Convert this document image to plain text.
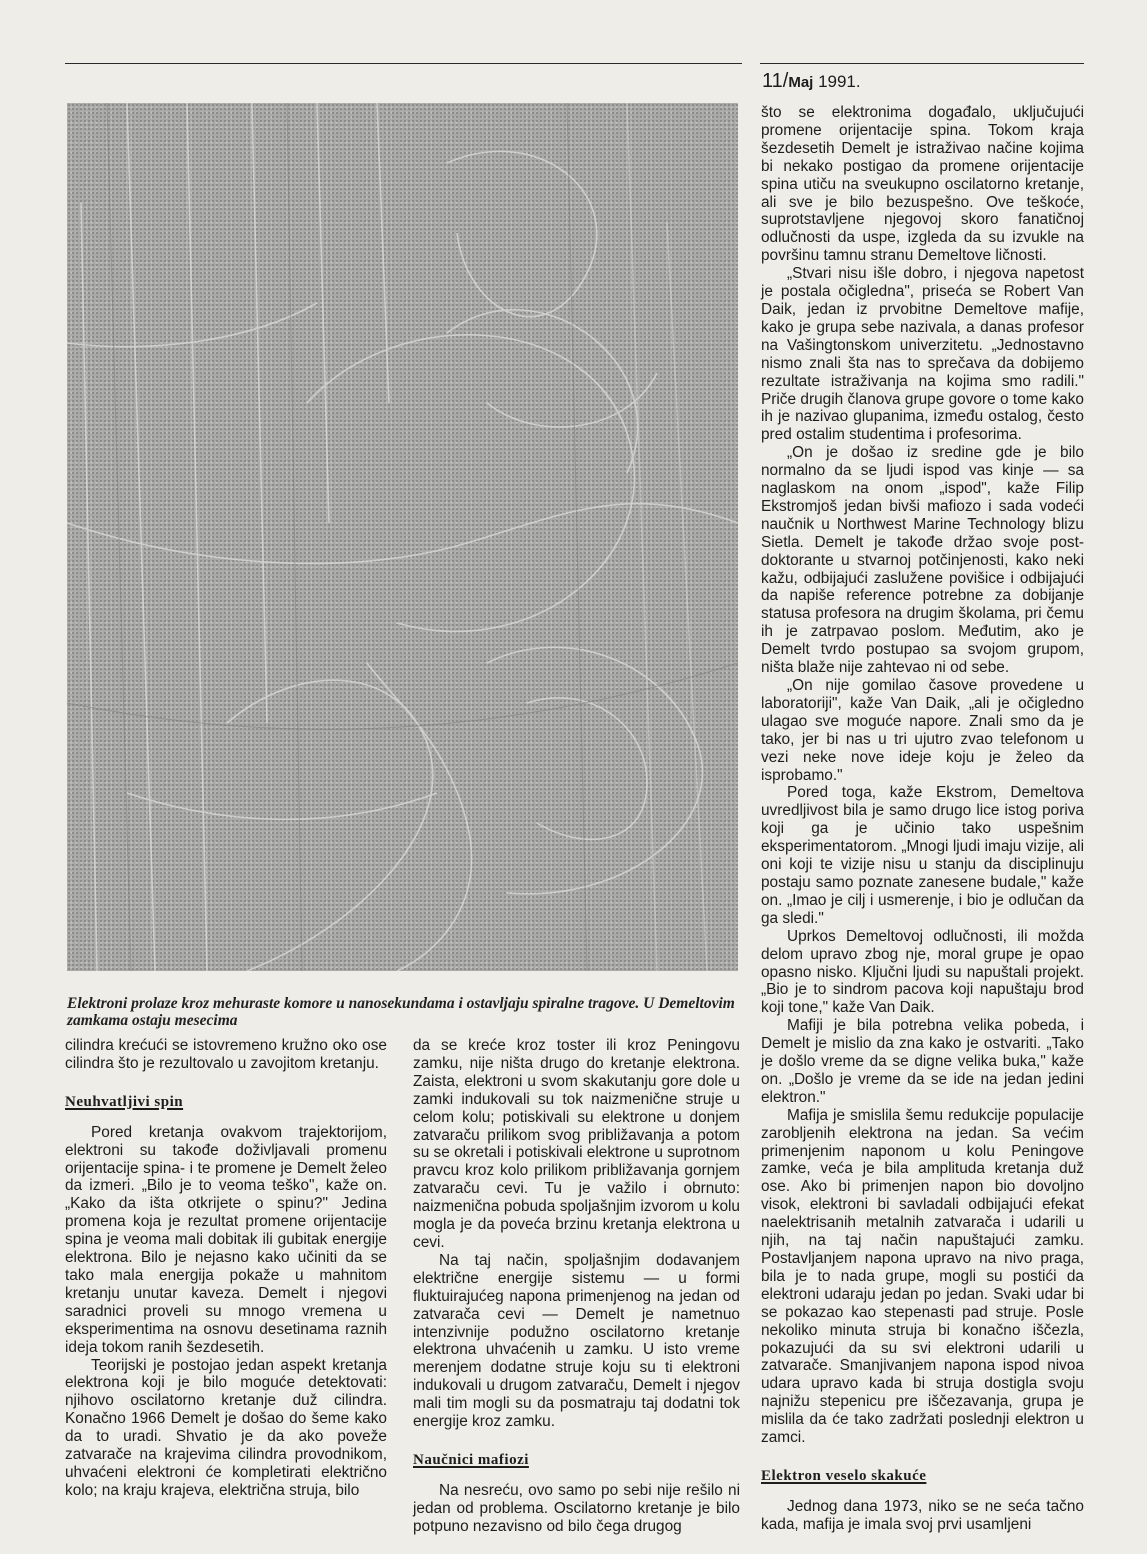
11/Maj 1991.
Elektroni prolaze kroz mehuraste komore u nanosekundama i ostavljaju spiralne tragove. U Demeltovim zamkama ostaju mesecima

cilindra krećući se istovremeno kružno oko ose cilindra što je rezultovalo u zavojitom kretanju.

Neuhvatljivi spin

Pored kretanja ovakvom trajektorijom, elektroni su takođe doživljavali promenu orijentacije spina- i te promene je Demelt želeo da izmeri. „Bilo je to veoma teško", kaže on. „Kako da išta otkrijete o spinu?" Jedina promena koja je rezultat promene orijentacije spina je veoma mali dobitak ili gubitak energije elektrona. Bilo je nejasno kako učiniti da se tako mala energija pokaže u mahnitom kretanju unutar kaveza. Demelt i njegovi saradnici proveli su mnogo vremena u eksperimentima na osnovu desetinama raznih ideja tokom ranih šezdesetih.

Teorijski je postojao jedan aspekt kretanja elektrona koji je bilo moguće detektovati: njihovo oscilatorno kretanje duž cilindra. Konačno 1966 Demelt je došao do šeme kako da to uradi. Shvatio je da ako poveže zatvarače na krajevima cilindra provodnikom, uhvaćeni elektroni će kompletirati električno kolo; na kraju krajeva, električna struja, bilo

da se kreće kroz toster ili kroz Peningovu zamku, nije ništa drugo do kretanje elektrona. Zaista, elektroni u svom skakutanju gore dole u zamki indukovali su tok naizmenične struje u celom kolu; potiskivali su elektrone u donjem zatvaraču prilikom svog približavanja a potom su se okretali i potiskivali elektrone u suprotnom pravcu kroz kolo prilikom približavanja gornjem zatvaraču cevi. Tu je važilo i obrnuto: naizmenična pobuda spoljašnjim izvorom u kolu mogla je da poveća brzinu kretanja elektrona u cevi.

Na taj način, spoljašnjim dodavanjem električne energije sistemu — u formi fluktuirajućeg napona primenjenog na jedan od zatvarača cevi — Demelt je nametnuo intenzivnije podužno oscilatorno kretanje elektrona uhvaćenih u zamku. U isto vreme merenjem dodatne struje koju su ti elektroni indukovali u drugom zatvaraču, Demelt i njegov mali tim mogli su da posmatraju taj dodatni tok energije kroz zamku.

Naučnici mafiozi

Na nesreću, ovo samo po sebi nije rešilo ni jedan od problema. Oscilatorno kretanje je bilo potpuno nezavisno od bilo čega drugog

što se elektronima događalo, uključujući promene orijentacije spina. Tokom kraja šezdesetih Demelt je istraživao načine kojima bi nekako postigao da promene orijentacije spina utiču na sveukupno oscilatorno kretanje, ali sve je bilo bezuspešno. Ove teškoće, suprotstavljene njegovoj skoro fanatičnoj odlučnosti da uspe, izgleda da su izvukle na površinu tamnu stranu Demeltove ličnosti.

„Stvari nisu išle dobro, i njegova napetost je postala očigledna", priseća se Robert Van Daik, jedan iz prvobitne Demeltove mafije, kako je grupa sebe nazivala, a danas profesor na Vašingtonskom univerzitetu. „Jednostavno nismo znali šta nas to sprečava da dobijemo rezultate istraživanja na kojima smo radili." Priče drugih članova grupe govore o tome kako ih je nazivao glupanima, između ostalog, često pred ostalim studentima i profesorima.

„On je došao iz sredine gde je bilo normalno da se ljudi ispod vas kinje — sa naglaskom na onom „ispod", kaže Filip Ekstromjoš jedan bivši mafiozo i sada vodeći naučnik u Northwest Marine Technology blizu Sietla. Demelt je takođe držao svoje post-doktorante u stvarnoj potčinjenosti, kako neki kažu, odbijajući zaslužene povišice i odbijajući da napiše reference potrebne za dobijanje statusa profesora na drugim školama, pri čemu ih je zatrpavao poslom. Međutim, ako je Demelt tvrdo postupao sa svojom grupom, ništa blaže nije zahtevao ni od sebe.

„On nije gomilao časove provedene u laboratoriji", kaže Van Daik, „ali je očigledno ulagao sve moguće napore. Znali smo da je tako, jer bi nas u tri ujutro zvao telefonom u vezi neke nove ideje koju je želeo da isprobamo."

Pored toga, kaže Ekstrom, Demeltova uvredljivost bila je samo drugo lice istog poriva koji ga je učinio tako uspešnim eksperimentatorom. „Mnogi ljudi imaju vizije, ali oni koji te vizije nisu u stanju da disciplinuju postaju samo poznate zanesene budale," kaže on. „Imao je cilj i usmerenje, i bio je odlučan da ga sledi."

Uprkos Demeltovoj odlučnosti, ili možda delom upravo zbog nje, moral grupe je opao opasno nisko. Ključni ljudi su napuštali projekt. „Bio je to sindrom pacova koji napuštaju brod koji tone," kaže Van Daik.

Mafiji je bila potrebna velika pobeda, i Demelt je mislio da zna kako je ostvariti. „Tako je došlo vreme da se digne velika buka," kaže on. „Došlo je vreme da se ide na jedan jedini elektron."

Mafija je smislila šemu redukcije populacije zarobljenih elektrona na jedan. Sa većim primenjenim naponom u kolu Peningove zamke, veća je bila amplituda kretanja duž ose. Ako bi primenjen napon bio dovoljno visok, elektroni bi savladali odbijajući efekat naelektrisanih metalnih zatvarača i udarili u njih, na taj način napuštajući zamku. Postavljanjem napona upravo na nivo praga, bila je to nada grupe, mogli su postići da elektroni udaraju jedan po jedan. Svaki udar bi se pokazao kao stepenasti pad struje. Posle nekoliko minuta struja bi konačno iščezla, pokazujući da su svi elektroni udarili u zatvarače. Smanjivanjem napona ispod nivoa udara upravo kada bi struja dostigla svoju najnižu stepenicu pre iščezavanja, grupa je mislila da će tako zadržati poslednji elektron u zamci.

Elektron veselo skakuće

Jednog dana 1973, niko se ne seća tačno kada, mafija je imala svoj prvi usamljeni
